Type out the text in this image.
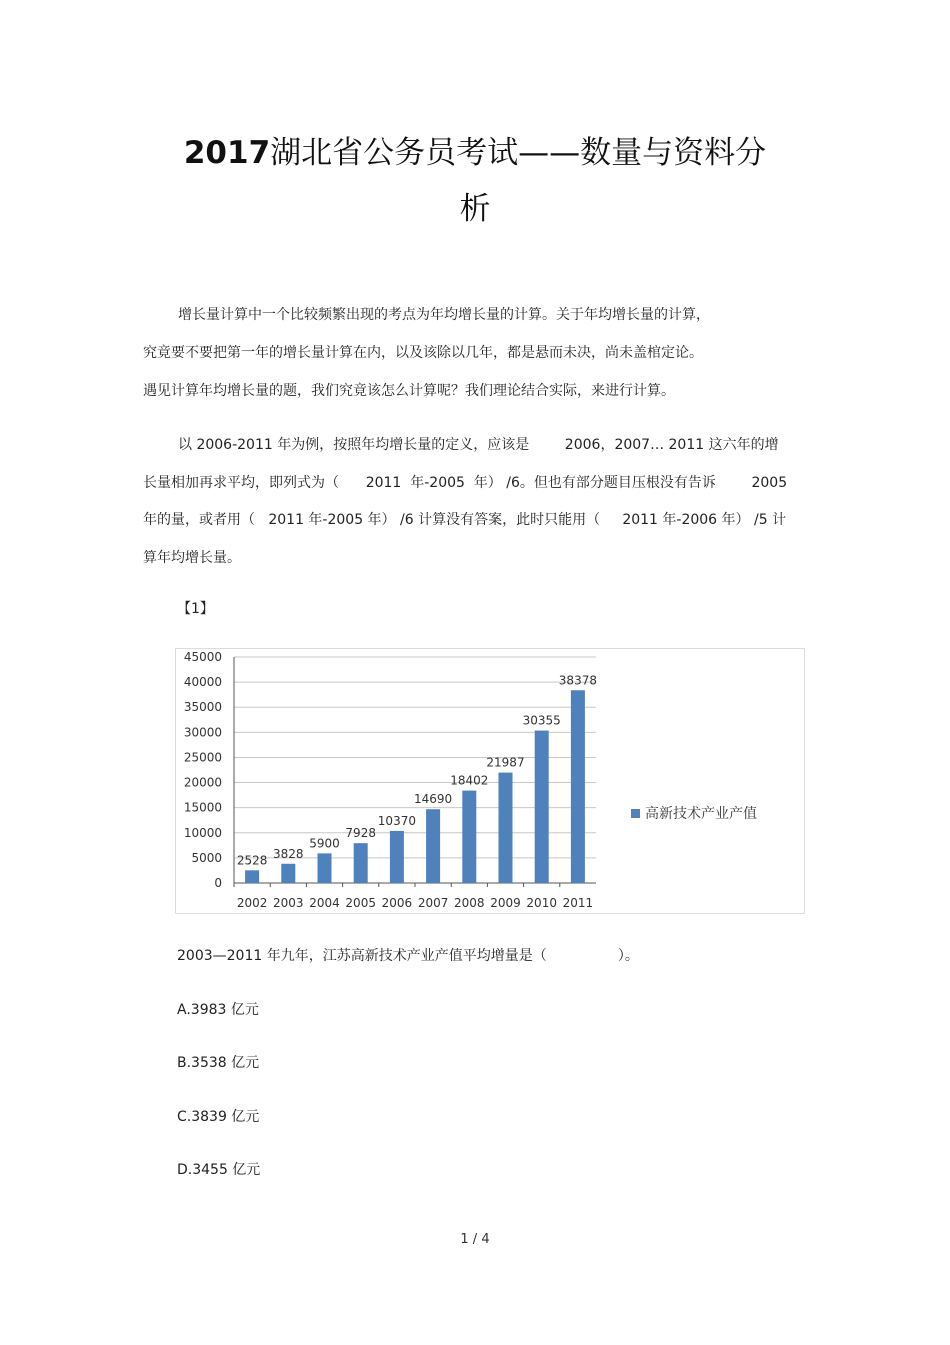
2017湖北省公务员考试——数量与资料分
析
增长量计算中一个比较频繁出现的考点为年均增长量的计算。关于年均增长量的计算，
究竟要不要把第一年的增长量计算在内，以及该除以几年，都是悬而未决，尚未盖棺定论。
遇见计算年均增长量的题，我们究竟该怎么计算呢？我们理论结合实际，来进行计算。
以 2006-2011 年为例，按照年均增长量的定义，应该是        2006，2007… 2011 这六年的增
长量相加再求平均，即列式为（      2011  年-2005  年） /6。但也有部分题目压根没有告诉        2005
年的量，或者用（   2011 年-2005 年） /6 计算没有答案，此时只能用（     2011 年-2006 年） /5 计
算年均增长量。
【1】
0
5000
10000
15000
20000
25000
30000
35000
40000
45000
2528
2002
3828
2003
5900
2004
7928
2005
10370
2006
14690
2007
18402
2008
21987
2009
30355
2010
38378
2011
高新技术产业产值
2003—2011 年九年，江苏高新技术产业产值平均增量是（                ）。
A.3983 亿元
B.3538 亿元
C.3839 亿元
D.3455 亿元
1 / 4
